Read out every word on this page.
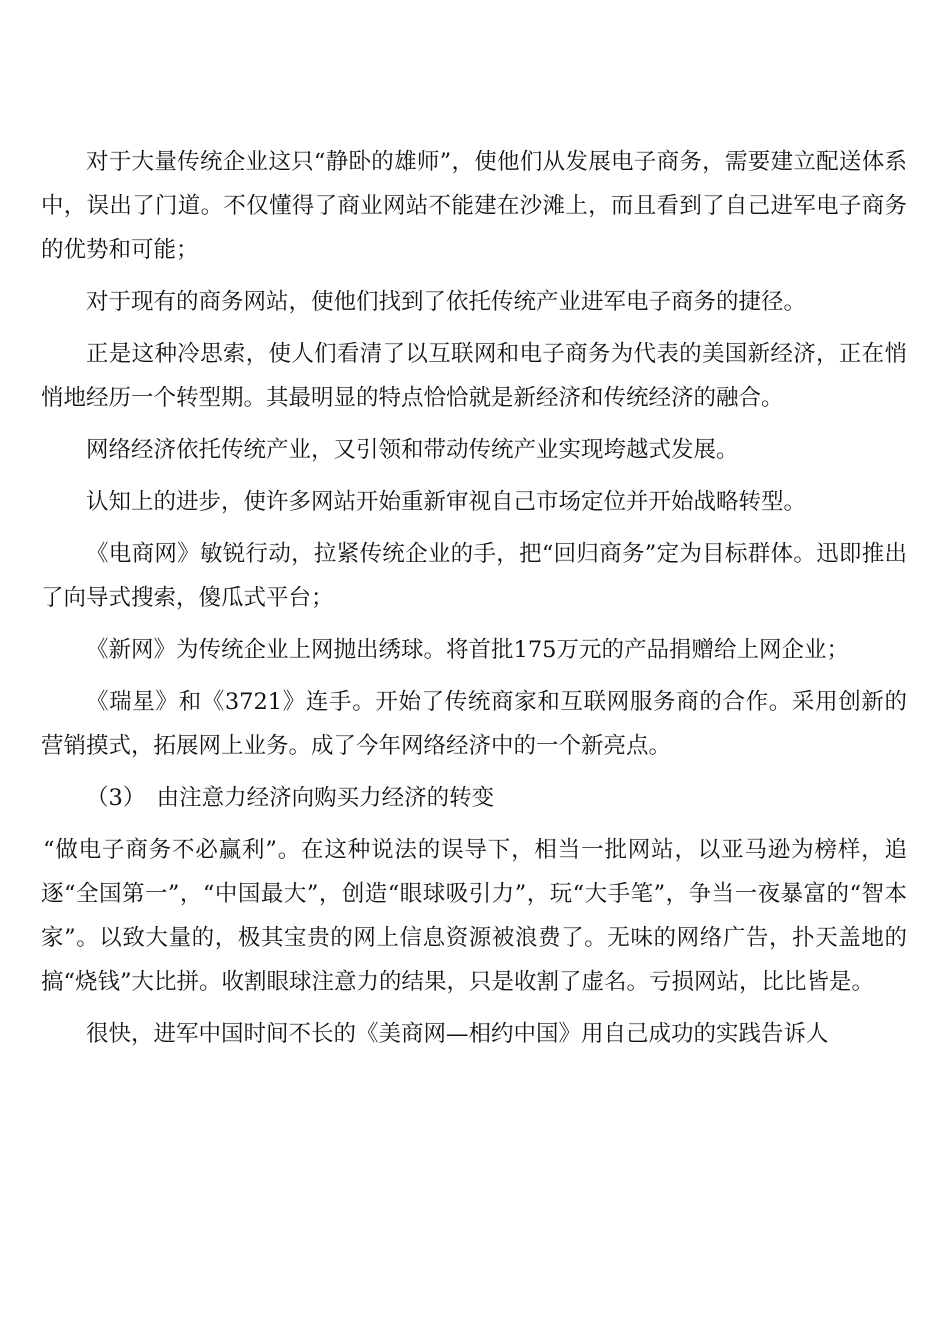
对于大量传统企业这只“静卧的雄师”，使他们从发展电子商务，需要建立配送体系中，误出了门道。不仅懂得了商业网站不能建在沙滩上，而且看到了自己进军电子商务的优势和可能；

对于现有的商务网站，使他们找到了依托传统产业进军电子商务的捷径。

正是这种冷思索，使人们看清了以互联网和电子商务为代表的美国新经济，正在悄悄地经历一个转型期。其最明显的特点恰恰就是新经济和传统经济的融合。

网络经济依托传统产业，又引领和带动传统产业实现垮越式发展。

认知上的进步，使许多网站开始重新审视自己市场定位并开始战略转型。

《电商网》敏锐行动，拉紧传统企业的手，把“回归商务”定为目标群体。迅即推出了向导式搜索，傻瓜式平台；

《新网》为传统企业上网抛出绣球。将首批175万元的产品捐赠给上网企业；

《瑞星》和《3721》连手。开始了传统商家和互联网服务商的合作。采用创新的营销摸式，拓展网上业务。成了今年网络经济中的一个新亮点。

（3）　由注意力经济向购买力经济的转变

“做电子商务不必赢利”。在这种说法的误导下，相当一批网站，以亚马逊为榜样，追逐“全国第一”，“中国最大”，创造“眼球吸引力”，玩“大手笔”，争当一夜暴富的“智本家”。以致大量的，极其宝贵的网上信息资源被浪费了。无味的网络广告，扑天盖地的搞“烧钱”大比拼。收割眼球注意力的结果，只是收割了虚名。亏损网站，比比皆是。

很快，进军中国时间不长的《美商网—相约中国》用自己成功的实践告诉人
